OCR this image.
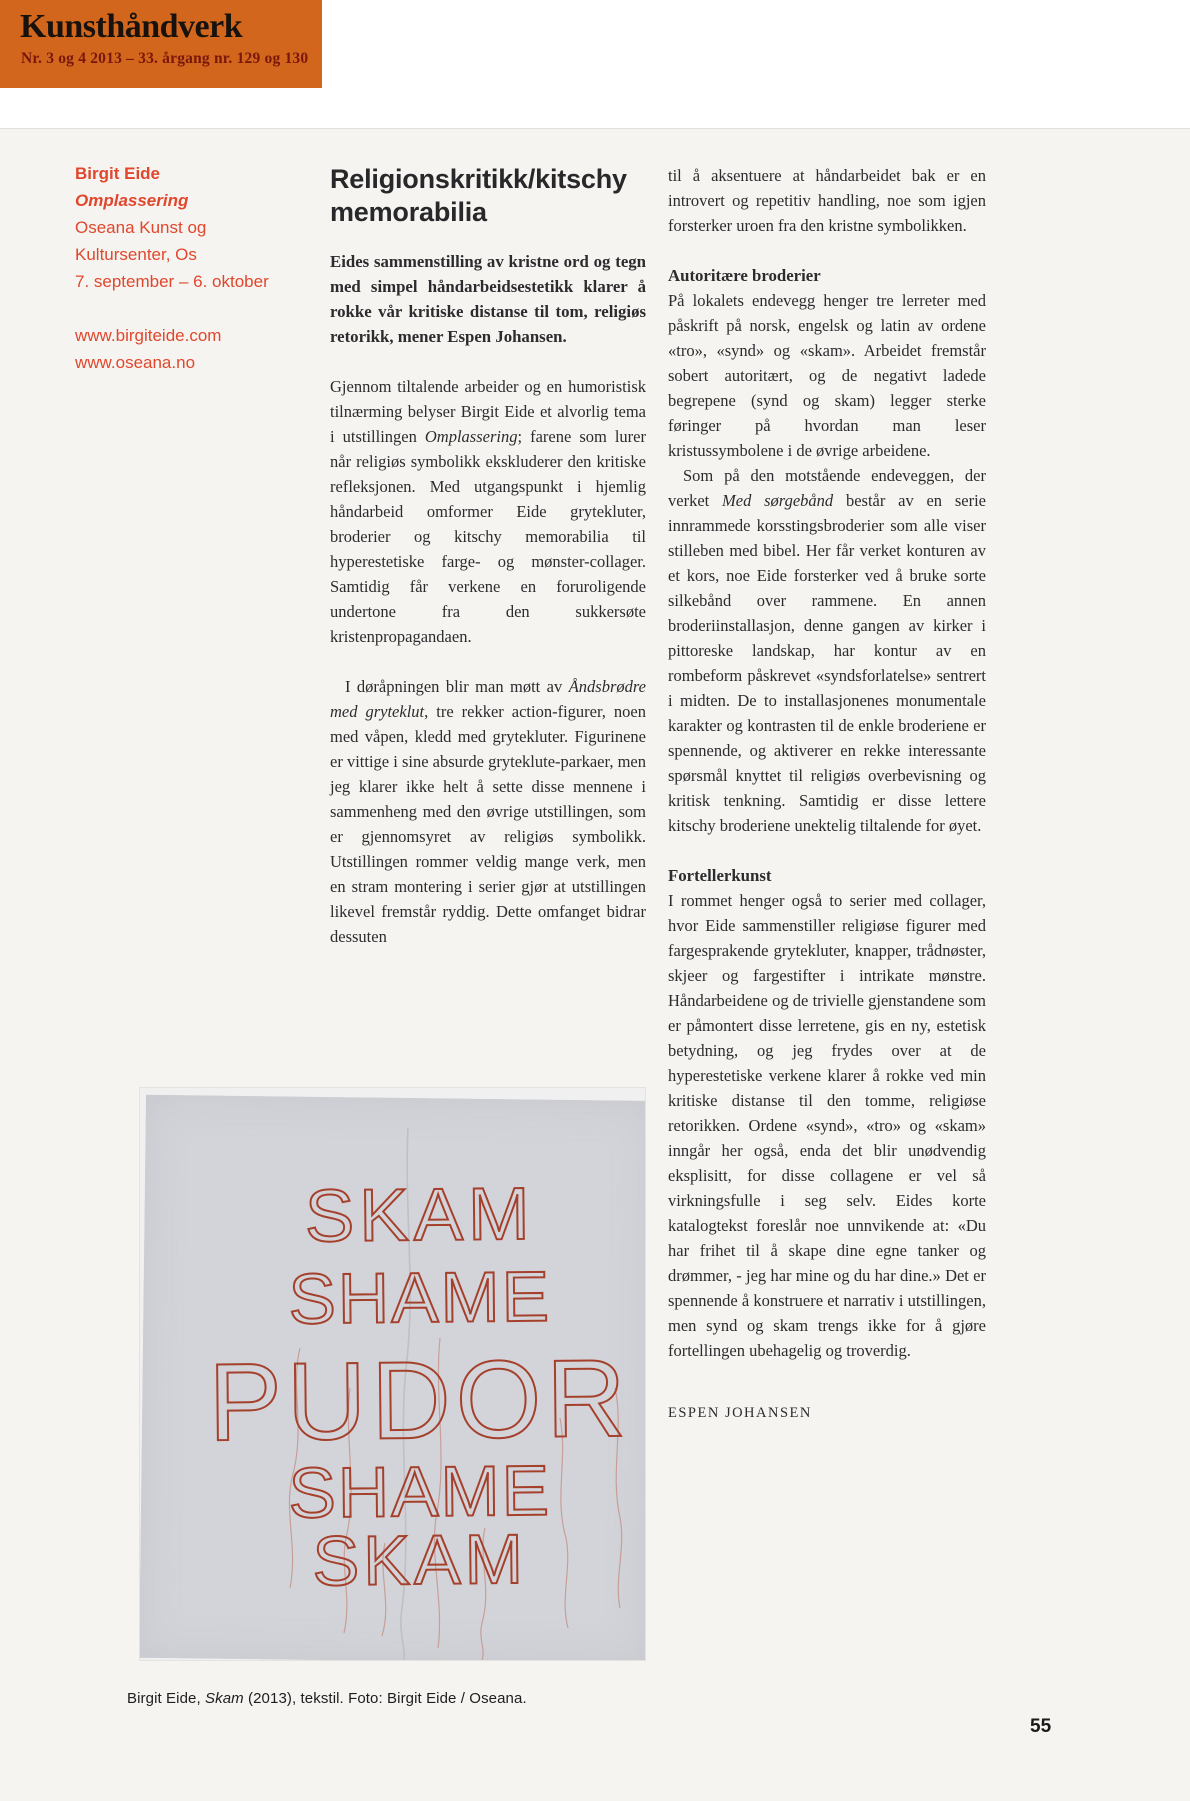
Kunsthåndverk
Nr. 3 og 4 2013 – 33. årgang nr. 129 og 130
Birgit Eide
Omplassering
Oseana Kunst og
Kultursenter, Os
7. september – 6. oktober
www.birgiteide.com
www.oseana.no
Religionskritikk/kitschy memorabilia

Eides sammenstilling av kristne ord og tegn med simpel håndarbeidsestetikk klarer å rokke vår kritiske distanse til tom, religiøs retorikk, mener Espen Johansen.

Gjennom tiltalende arbeider og en humoristisk tilnærming belyser Birgit Eide et alvorlig tema i utstillingen Omplassering; farene som lurer når religiøs symbolikk ekskluderer den kritiske refleksjonen. Med utgangspunkt i hjemlig håndarbeid omformer Eide grytekluter, broderier og kitschy memorabilia til hyperestetiske farge- og mønster-collager. Samtidig får verkene en foruroligende undertone fra den sukkersøte kristenpropagandaen.

I døråpningen blir man møtt av Åndsbrødre med gryteklut, tre rekker action-figurer, noen med våpen, kledd med grytekluter. Figurinene er vittige i sine absurde gryteklute-parkaer, men jeg klarer ikke helt å sette disse mennene i sammenheng med den øvrige utstillingen, som er gjennomsyret av religiøs symbolikk. Utstillingen rommer veldig mange verk, men en stram montering i serier gjør at utstillingen likevel fremstår ryddig. Dette omfanget bidrar dessuten

til å aksentuere at håndarbeidet bak er en introvert og repetitiv handling, noe som igjen forsterker uroen fra den kristne symbolikken.

Autoritære broderier

På lokalets endevegg henger tre lerreter med påskrift på norsk, engelsk og latin av ordene «tro», «synd» og «skam». Arbeidet fremstår sobert autoritært, og de negativt ladede begrepene (synd og skam) legger sterke føringer på hvordan man leser kristussymbolene i de øvrige arbeidene.

Som på den motstående endeveggen, der verket Med sørgebånd består av en serie innrammede korsstingsbroderier som alle viser stilleben med bibel. Her får verket konturen av et kors, noe Eide forsterker ved å bruke sorte silkebånd over rammene. En annen broderiinstallasjon, denne gangen av kirker i pittoreske landskap, har kontur av en rombeform påskrevet «syndsforlatelse» sentrert i midten. De to installasjonenes monumentale karakter og kontrasten til de enkle broderiene er spennende, og aktiverer en rekke interessante spørsmål knyttet til religiøs overbevisning og kritisk tenkning. Samtidig er disse lettere kitschy broderiene unektelig tiltalende for øyet.

Fortellerkunst

I rommet henger også to serier med collager, hvor Eide sammenstiller religiøse figurer med fargesprakende grytekluter, knapper, trådnøster, skjeer og fargestifter i intrikate mønstre. Håndarbeidene og de trivielle gjenstandene som er påmontert disse lerretene, gis en ny, estetisk betydning, og jeg frydes over at de hyperestetiske verkene klarer å rokke ved min kritiske distanse til den tomme, religiøse retorikken. Ordene «synd», «tro» og «skam» inngår her også, enda det blir unødvendig eksplisitt, for disse collagene er vel så virkningsfulle i seg selv. Eides korte katalogtekst foreslår noe unnvikende at: «Du har frihet til å skape dine egne tanker og drømmer, - jeg har mine og du har dine.» Det er spennende å konstruere et narrativ i utstillingen, men synd og skam trengs ikke for å gjøre fortellingen ubehagelig og troverdig.

ESPEN JOHANSEN
SKAM
SHAME
PUDOR
SHAME
SKAM
Birgit Eide, Skam (2013), tekstil. Foto: Birgit Eide / Oseana.
55
